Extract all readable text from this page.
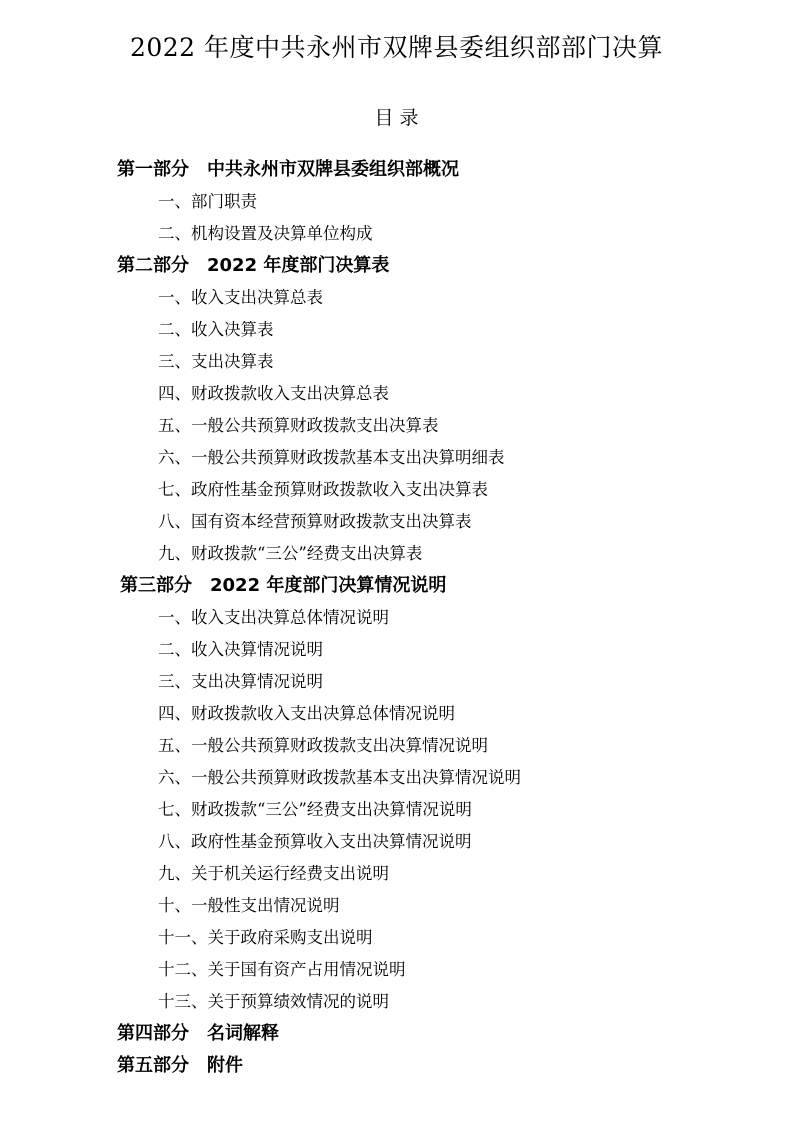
2022 年度中共永州市双牌县委组织部部门决算
目 录
第一部分 中共永州市双牌县委组织部概况
一、部门职责
二、机构设置及决算单位构成
第二部分 2022 年度部门决算表
一、收入支出决算总表
二、收入决算表
三、支出决算表
四、财政拨款收入支出决算总表
五、一般公共预算财政拨款支出决算表
六、一般公共预算财政拨款基本支出决算明细表
七、政府性基金预算财政拨款收入支出决算表
八、国有资本经营预算财政拨款支出决算表
九、财政拨款“三公”经费支出决算表
第三部分 2022 年度部门决算情况说明
一、收入支出决算总体情况说明
二、收入决算情况说明
三、支出决算情况说明
四、财政拨款收入支出决算总体情况说明
五、一般公共预算财政拨款支出决算情况说明
六、一般公共预算财政拨款基本支出决算情况说明
七、财政拨款“三公”经费支出决算情况说明
八、政府性基金预算收入支出决算情况说明
九、关于机关运行经费支出说明
十、一般性支出情况说明
十一、关于政府采购支出说明
十二、关于国有资产占用情况说明
十三、关于预算绩效情况的说明
第四部分 名词解释
第五部分 附件
